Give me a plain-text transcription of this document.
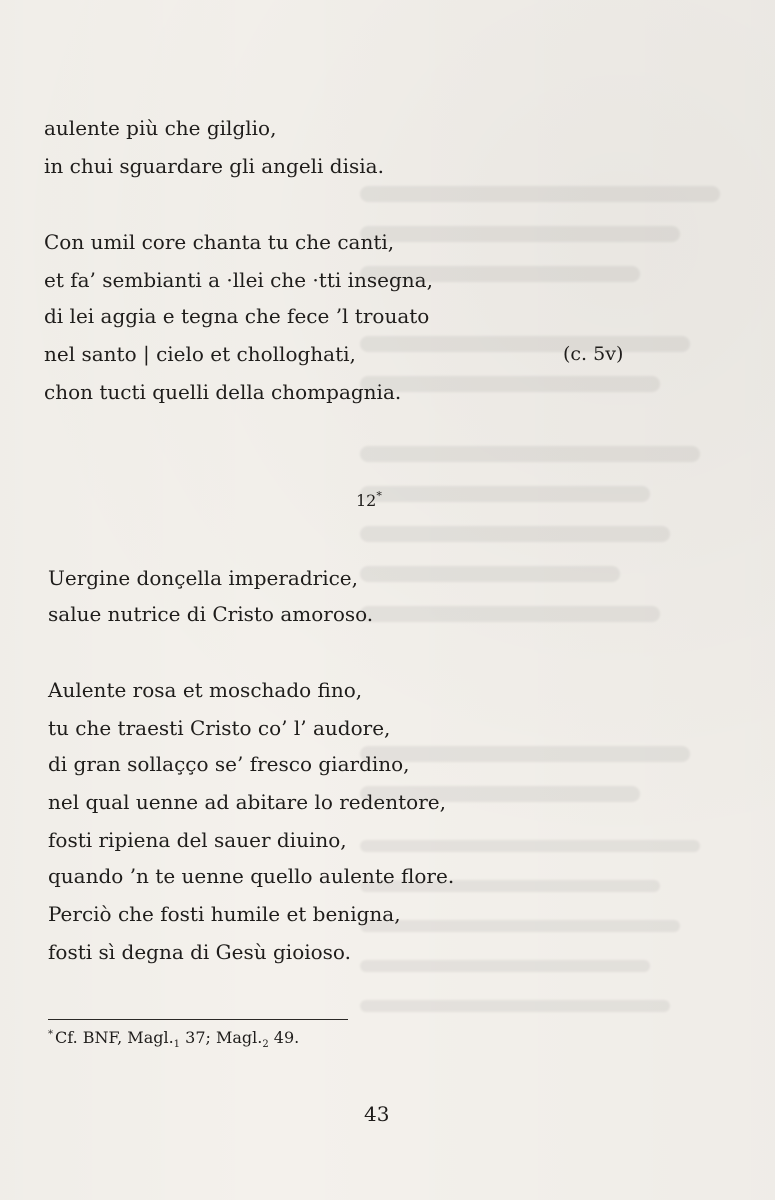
aulente più che gilglio,
in chui sguardare gli angeli disia.
Con umil core chanta tu che canti,
et fa’ sembianti a ·llei che ·tti insegna,
di lei aggia e tegna che fece ’l trouato
nel santo | cielo et chollоghati,
chon tucti quelli della chompagnia.
(c. 5v)
12*
Uergine donçella imperadrice,
salue nutrice di Cristo amoroso.
Aulente rosa et moschado fino,
tu che traesti Cristo co’ l’ audore,
di gran sollaçço se’ fresco giardino,
nel qual uenne ad abitare lo redentore,
fosti ripiena del sauer diuino,
quando ’n te uenne quello aulente flore.
Perciò che fosti humile et benigna,
fosti sì degna di Gesù gioioso.
* Cf. BNF, $Magl._1$ 37; $Magl._2$ 49.
43
